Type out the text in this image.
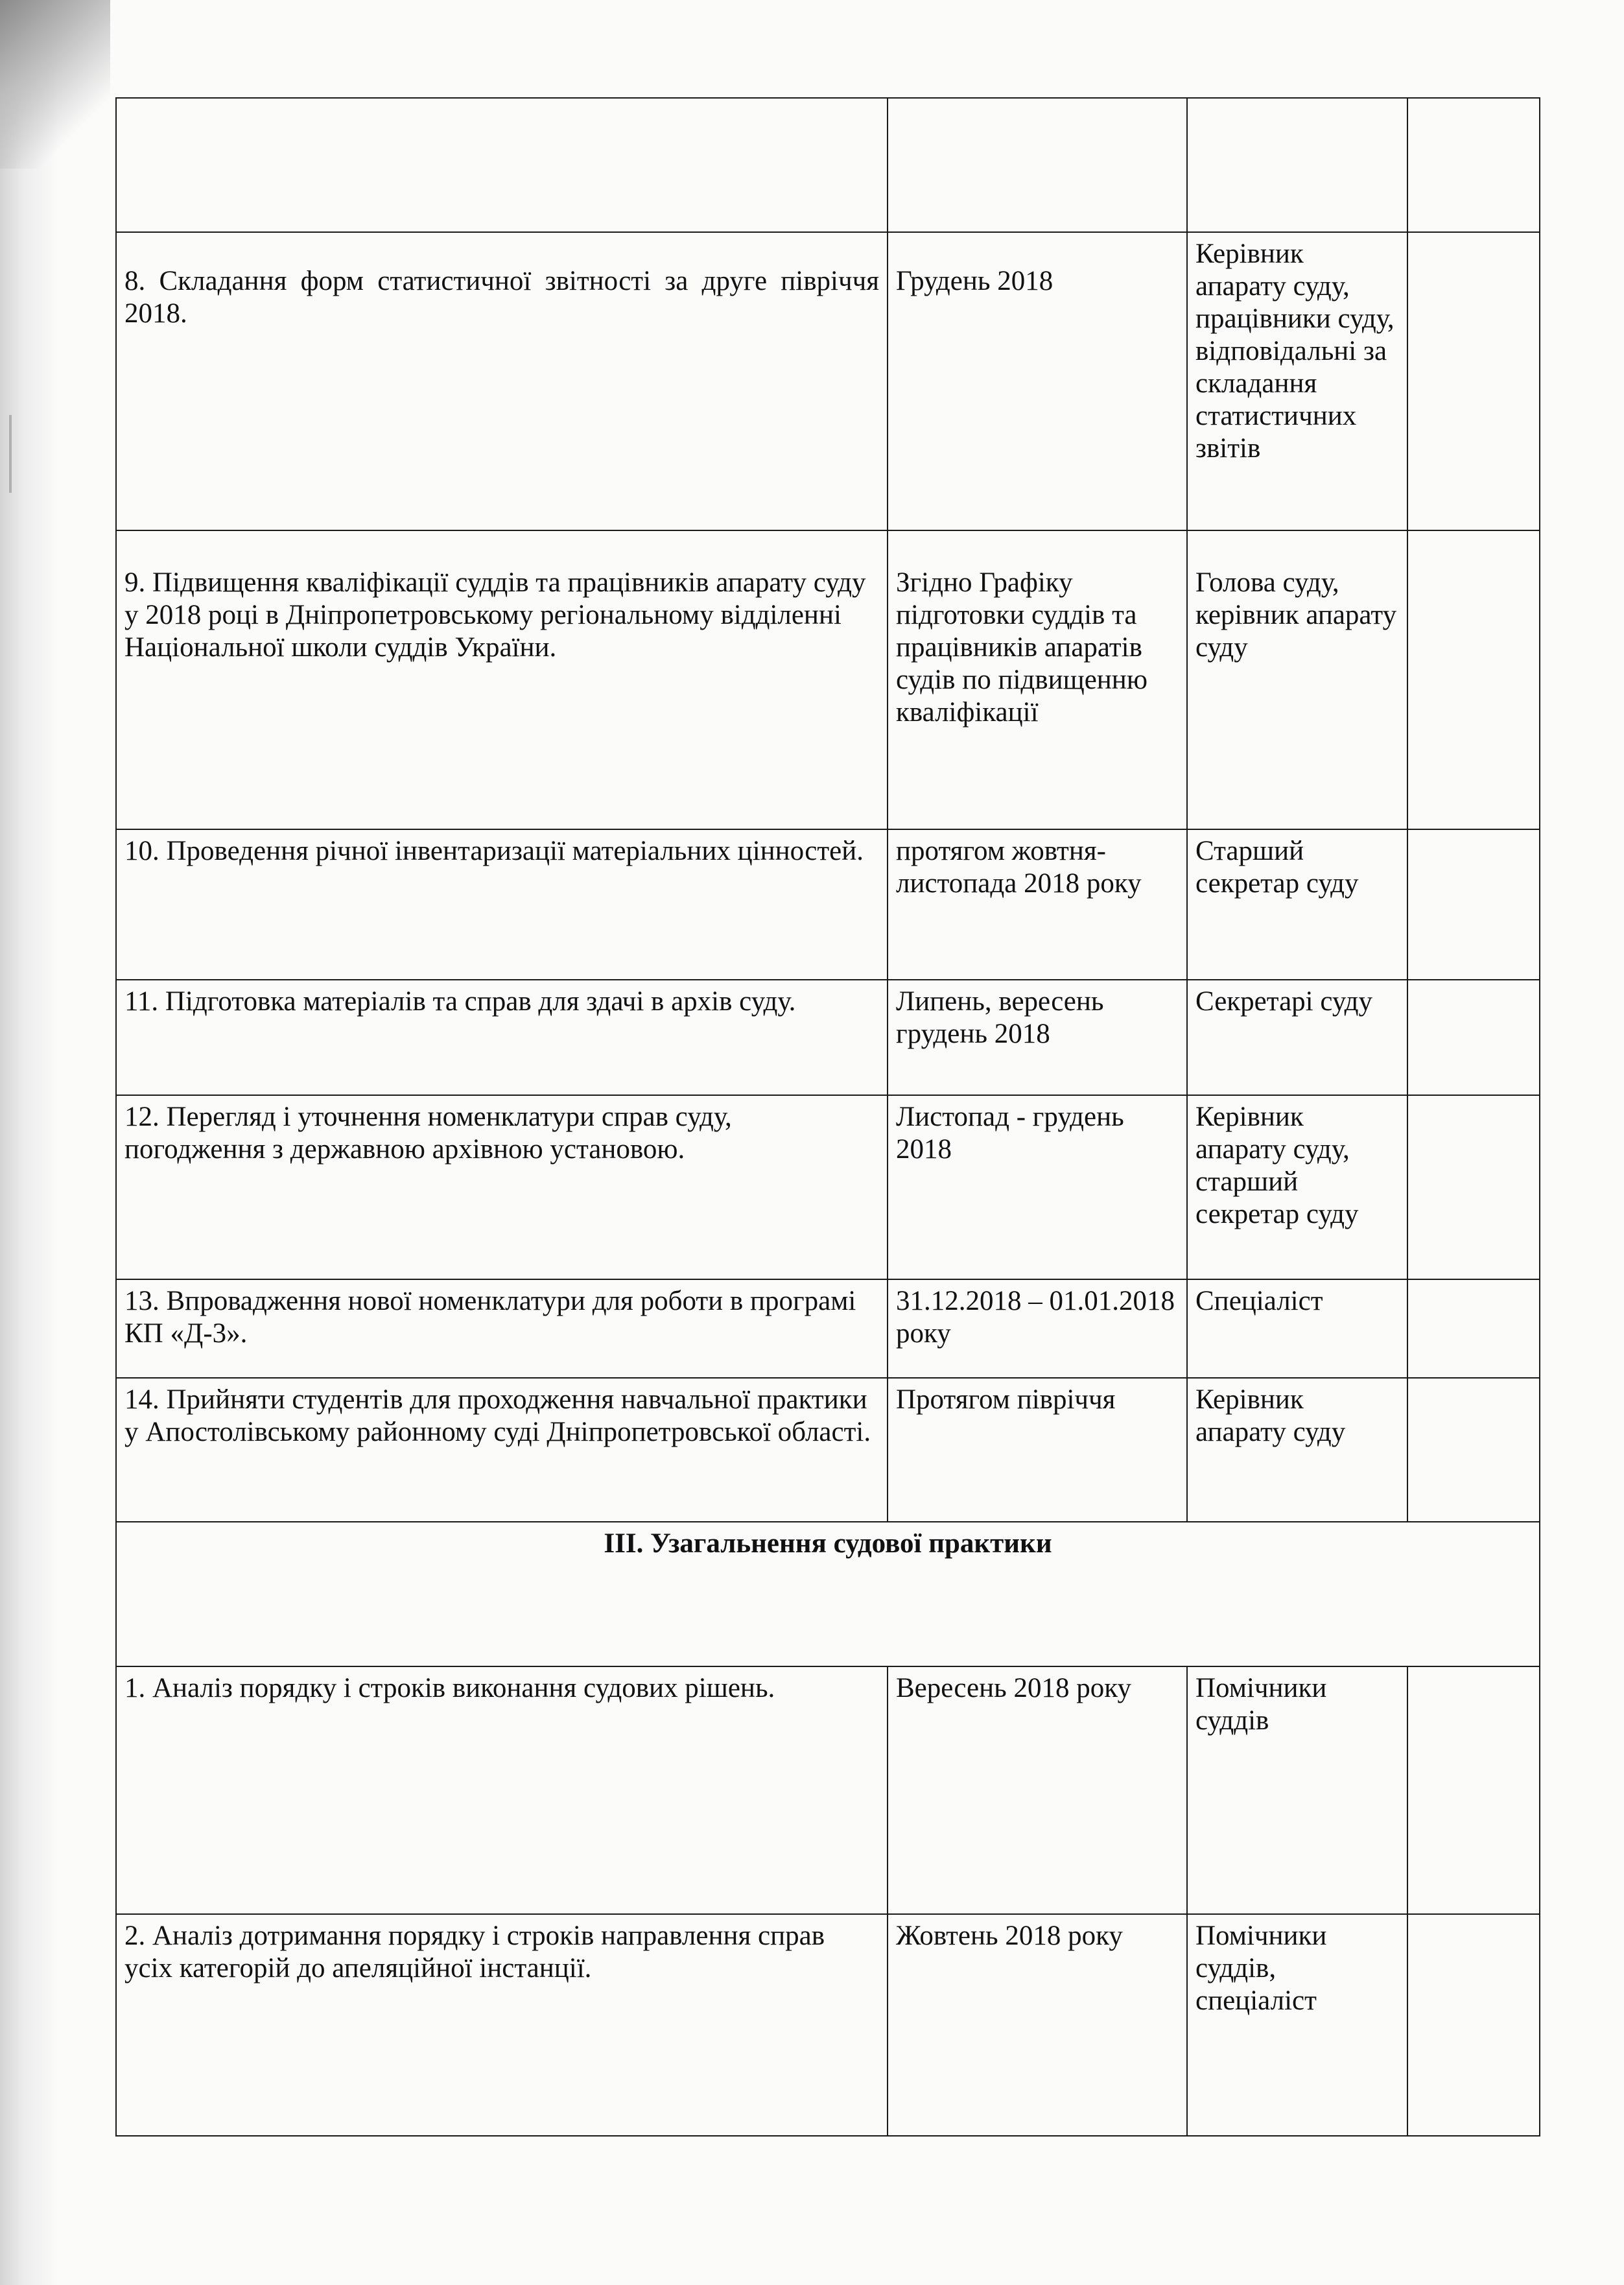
8. Складання форм статистичної звітності за друге півріччя 2018.	Грудень 2018	Керівник апарату суду, працівники суду, відповідальні за складання статистичних звітів	
9. Підвищення кваліфікації суддів та працівників апарату суду у 2018 році в Дніпропетровському регіональному відділенні Національної школи суддів України.	Згідно Графіку підготовки суддів та працівників апаратів судів по підвищенню кваліфікації	Голова суду, керівник апарату суду	
10. Проведення річної інвентаризації матеріальних цінностей.	протягом жовтня-листопада 2018 року	Старший секретар суду	
11. Підготовка матеріалів та справ для здачі в архів суду.	Липень, вересень грудень 2018	Секретарі суду	
12. Перегляд і уточнення номенклатури справ суду, погодження з державною архівною установою.	Листопад - грудень 2018	Керівник апарату суду, старший секретар суду	
13. Впровадження нової номенклатури для роботи в програмі КП «Д-3».	31.12.2018 – 01.01.2018 року	Спеціаліст	
14. Прийняти студентів для проходження навчальної практики у Апостолівському районному суді Дніпропетровської області.	Протягом півріччя	Керівник апарату суду	
III. Узагальнення судової практики			
1. Аналіз порядку і строків виконання судових рішень.	Вересень 2018 року	Помічники суддів	
2. Аналіз дотримання порядку і строків направлення справ усіх категорій до апеляційної інстанції.	Жовтень 2018 року	Помічники суддів, спеціаліст	
